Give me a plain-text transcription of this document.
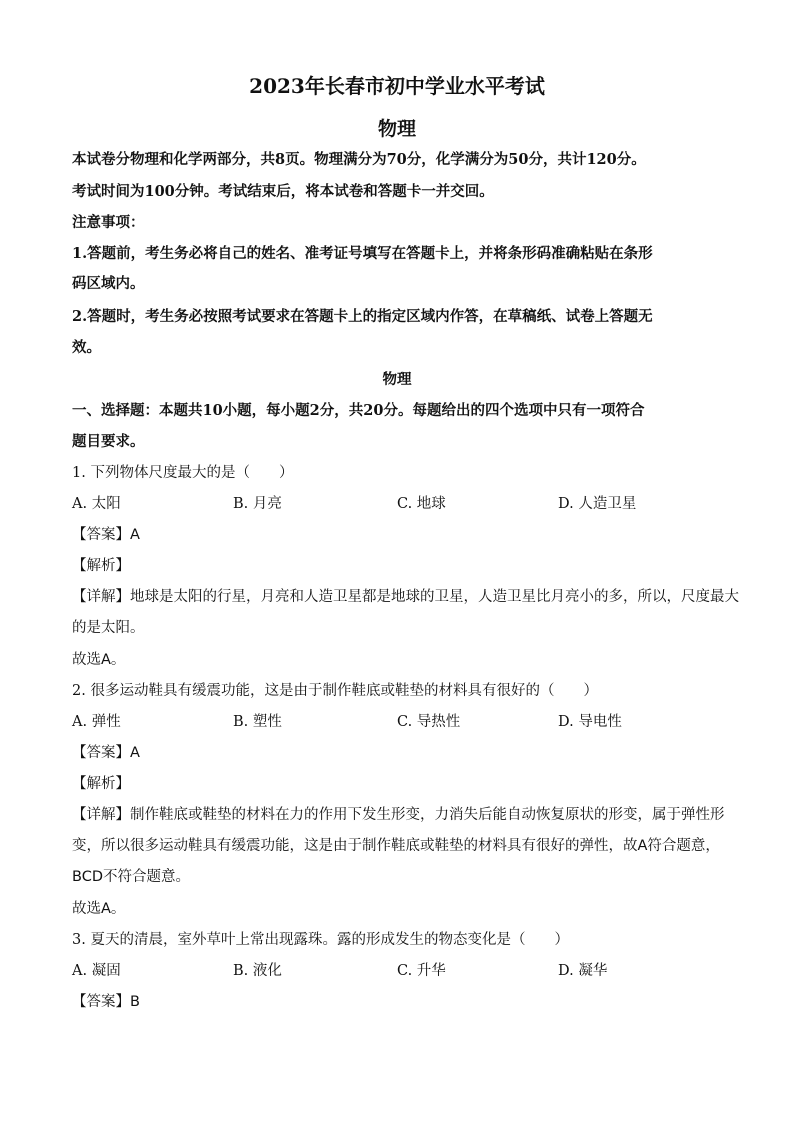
2023年长春市初中学业水平考试
物理
本试卷分物理和化学两部分，共8页。物理满分为70分，化学满分为50分，共计120分。
考试时间为100分钟。考试结束后，将本试卷和答题卡一并交回。
注意事项：
1.答题前，考生务必将自己的姓名、准考证号填写在答题卡上，并将条形码准确粘贴在条形
码区域内。
2.答题时，考生务必按照考试要求在答题卡上的指定区域内作答，在草稿纸、试卷上答题无
效。
物理
一、选择题：本题共10小题，每小题2分，共20分。每题给出的四个选项中只有一项符合
题目要求。
1. 下列物体尺度最大的是（　　）
A. 太阳	B. 月亮	C. 地球	D. 人造卫星
【答案】A
【解析】
【详解】地球是太阳的行星，月亮和人造卫星都是地球的卫星，人造卫星比月亮小的多，所以，尺度最大
的是太阳。
故选A。
2. 很多运动鞋具有缓震功能，这是由于制作鞋底或鞋垫的材料具有很好的（　　）
A. 弹性	B. 塑性	C. 导热性	D. 导电性
【答案】A
【解析】
【详解】制作鞋底或鞋垫的材料在力的作用下发生形变，力消失后能自动恢复原状的形变，属于弹性形
变，所以很多运动鞋具有缓震功能，这是由于制作鞋底或鞋垫的材料具有很好的弹性，故A符合题意，
BCD不符合题意。
故选A。
3. 夏天的清晨，室外草叶上常出现露珠。露的形成发生的物态变化是（　　）
A. 凝固	B. 液化	C. 升华	D. 凝华
【答案】B
